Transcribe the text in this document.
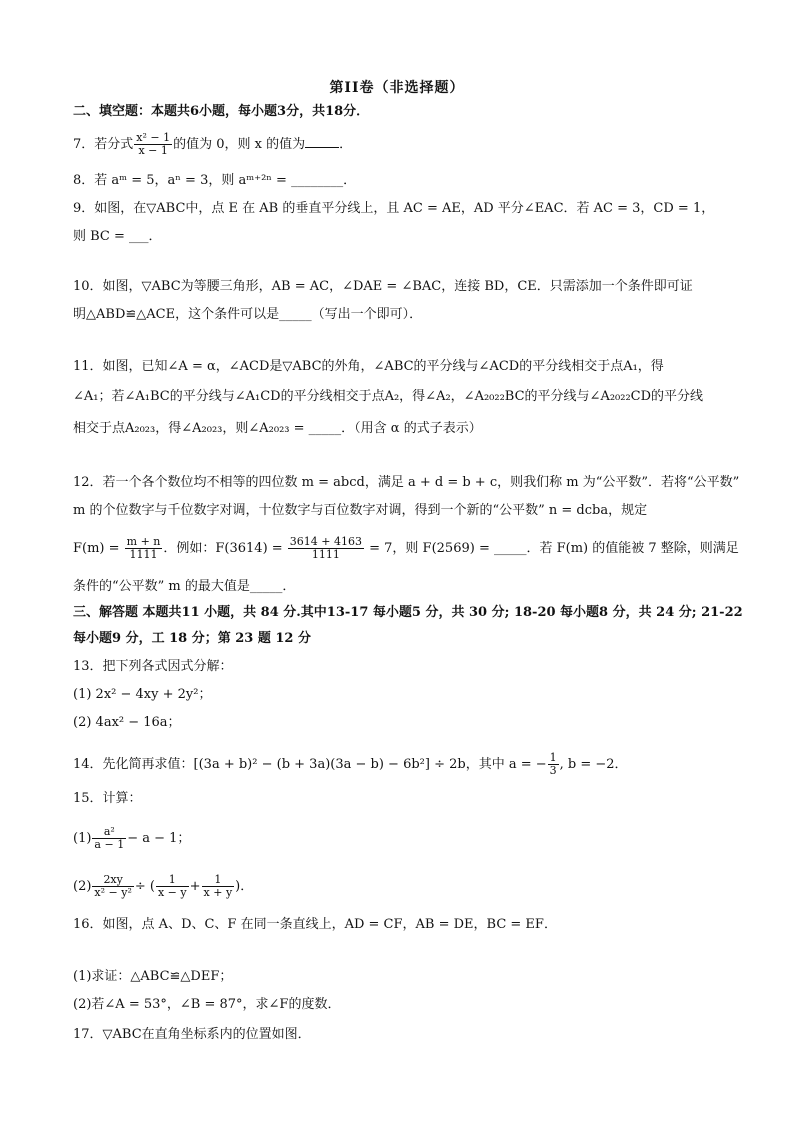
第II卷（非选择题）
二、填空题：本题共6小题，每小题3分，共18分．
7．若分式 $\frac{\text{x² − 1}}{x - 1}$ 的值为 0，则 x 的值为	．
8．若 aᵐ = 5，aⁿ = 3，则 aᵐ⁺²ⁿ = ________．
9．如图，在▽ABC中，点 E 在 AB 的垂直平分线上，且 AC = AE，AD 平分∠EAC．若 AC = 3，CD = 1，
则 BC = ___．
10．如图，▽ABC为等腰三角形，AB = AC，∠DAE = ∠BAC，连接 BD，CE．只需添加一个条件即可证
明△ABD≌△ACE，这个条件可以是_____（写出一个即可）．
11．如图，已知∠A = α，∠ACD是▽ABC的外角，∠ABC的平分线与∠ACD的平分线相交于点A₁，得
∠A₁；若∠A₁BC的平分线与∠A₁CD的平分线相交于点A₂，得∠A₂，∠A₂₀₂₂BC的平分线与∠A₂₀₂₂CD的平分线
相交于点A₂₀₂₃，得∠A₂₀₂₃，则∠A₂₀₂₃ = _____．（用含 α 的式子表示）
12．若一个各个数位均不相等的四位数 m = abcd，满足 a + d = b + c，则我们称 m 为“公平数”．若将“公平数”
m 的个位数字与千位数字对调，十位数字与百位数字对调，得到一个新的“公平数” n = dcba，规定
$F(m) = \frac{m + n}{1111}$ ．例如：$F(3614) = \frac{3614 + 4163}{1111} = 7$，则 F(2569) = _____．若 F(m) 的值能被 7 整除，则满足
条件的“公平数” m 的最大值是_____．
三、解答题 本题共11 小题，共 84 分.其中13-17 每小题5 分，共 30 分; 18-20 每小题8 分，共 24 分; 21-22
每小题9 分，工 18 分；第 23 题 12 分
13．把下列各式因式分解：
(1) 2x² − 4xy + 2y²；
(2) 4ax² − 16a；
14．先化简再求值：[(3a + b)² − (b + 3a)(3a − b) − 6b²] ÷ 2b，其中 a = − $\frac{1}{3}$ , b = −2．
15．计算：
$(1) \frac{\text{a²}}{a - 1} - a - 1$；
$(2) \frac{2xy}{\text{x² − y²}}$ ÷ ( $\frac{1}{x - y} + \frac{1}{x + y}$ )．
16．如图，点 A、D、C、F 在同一条直线上，AD = CF，AB = DE，BC = EF．
(1)求证：△ABC≌△DEF；
(2)若∠A = 53°，∠B = 87°，求∠F的度数．
17．▽ABC在直角坐标系内的位置如图．
